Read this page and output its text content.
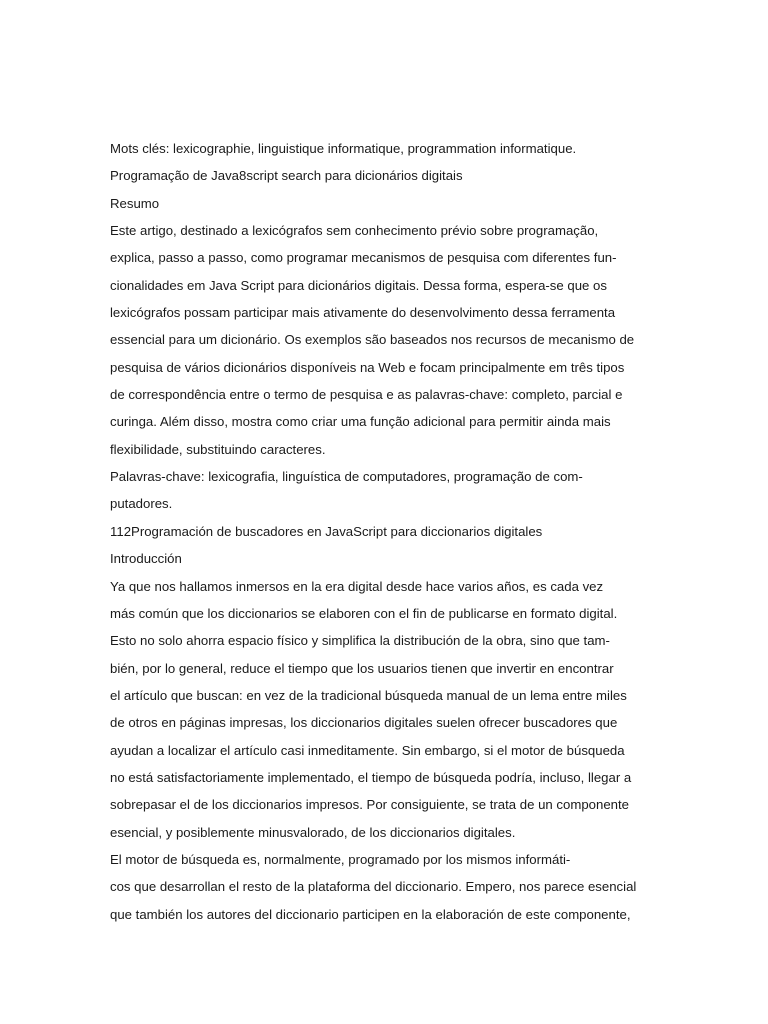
Mots clés: lexicographie, linguistique informatique, programmation informatique.
Programação de Java8script search para dicionários digitais
Resumo
Este artigo, destinado a lexicógrafos sem conhecimento prévio sobre programação,
explica, passo a passo, como programar mecanismos de pesquisa com diferentes fun-
cionalidades em Java Script para dicionários digitais. Dessa forma, espera-se que os
lexicógrafos possam participar mais ativamente do desenvolvimento dessa ferramenta
essencial para um dicionário. Os exemplos são baseados nos recursos de mecanismo de
pesquisa de vários dicionários disponíveis na Web e focam principalmente em três tipos
de correspondência entre o termo de pesquisa e as palavras-chave: completo, parcial e
curinga. Além disso, mostra como criar uma função adicional para permitir ainda mais
flexibilidade, substituindo caracteres.
Palavras-chave: lexicografia, linguística de computadores, programação de com-
putadores.
112Programación de buscadores en JavaScript para diccionarios digitales
Introducción
Ya que nos hallamos inmersos en la era digital desde hace varios años, es cada vez
más común que los diccionarios se elaboren con el fin de publicarse en formato digital.
Esto no solo ahorra espacio físico y simplifica la distribución de la obra, sino que tam-
bién, por lo general, reduce el tiempo que los usuarios tienen que invertir en encontrar
el artículo que buscan: en vez de la tradicional búsqueda manual de un lema entre miles
de otros en páginas impresas, los diccionarios digitales suelen ofrecer buscadores que
ayudan a localizar el artículo casi inmeditamente. Sin embargo, si el motor de búsqueda
no está satisfactoriamente implementado, el tiempo de búsqueda podría, incluso, llegar a
sobrepasar el de los diccionarios impresos. Por consiguiente, se trata de un componente
esencial, y posiblemente minusvalorado, de los diccionarios digitales.
El motor de búsqueda es, normalmente, programado por los mismos informáti-
cos que desarrollan el resto de la plataforma del diccionario. Empero, nos parece esencial
que también los autores del diccionario participen en la elaboración de este componente,
